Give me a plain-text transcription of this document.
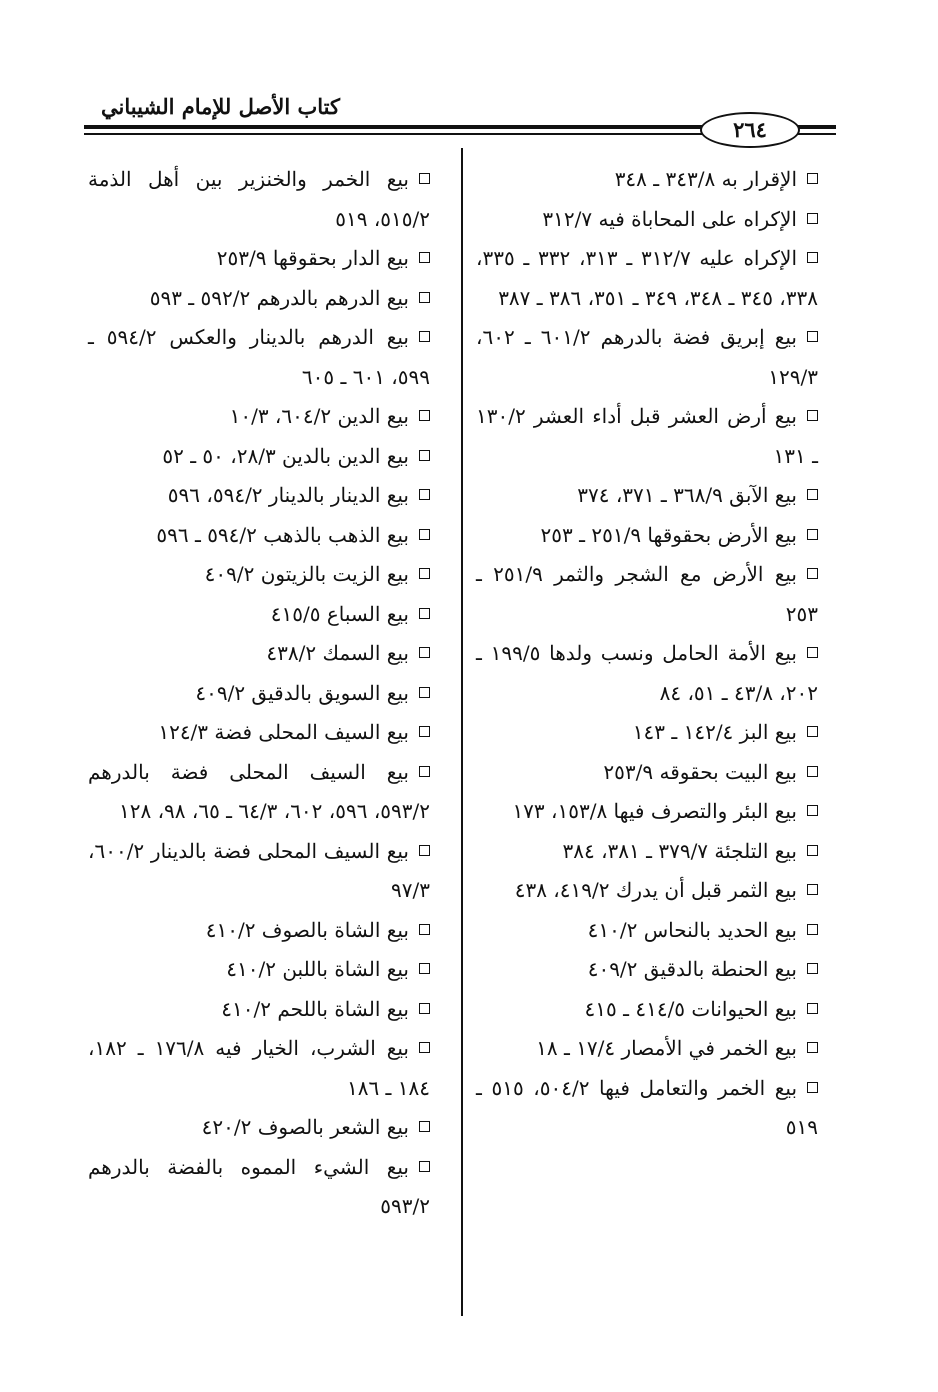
كتاب الأصل للإمام الشيباني
٢٦٤
الإقرار به ٣٤٣/٨ ـ ٣٤٨
الإكراه على المحاباة فيه ٣١٢/٧
الإكراه عليه ٣١٢/٧ ـ ٣١٣، ٣٣٢ ـ ٣٣٥، ٣٣٨، ٣٤٥ ـ ٣٤٨، ٣٤٩ ـ ٣٥١، ٣٨٦ ـ ٣٨٧
بيع إبريق فضة بالدرهم ٦٠١/٢ ـ ٦٠٢، ١٢٩/٣
بيع أرض العشر قبل أداء العشر ١٣٠/٢ ـ ١٣١
بيع الآبق ٣٦٨/٩ ـ ٣٧١، ٣٧٤
بيع الأرض بحقوقها ٢٥١/٩ ـ ٢٥٣
بيع الأرض مع الشجر والثمر ٢٥١/٩ ـ ٢٥٣
بيع الأمة الحامل ونسب ولدها ١٩٩/٥ ـ ٢٠٢، ٤٣/٨ ـ ٥١، ٨٤
بيع البز ١٤٢/٤ ـ ١٤٣
بيع البيت بحقوقه ٢٥٣/٩
بيع البئر والتصرف فيها ١٥٣/٨، ١٧٣
بيع التلجئة ٣٧٩/٧ ـ ٣٨١، ٣٨٤
بيع الثمر قبل أن يدرك ٤١٩/٢، ٤٣٨
بيع الحديد بالنحاس ٤١٠/٢
بيع الحنطة بالدقيق ٤٠٩/٢
بيع الحيوانات ٤١٤/٥ ـ ٤١٥
بيع الخمر في الأمصار ١٧/٤ ـ ١٨
بيع الخمر والتعامل فيها ٥٠٤/٢، ٥١٥ ـ ٥١٩
بيع الخمر والخنزير بين أهل الذمة ٥١٥/٢، ٥١٩
بيع الدار بحقوقها ٢٥٣/٩
بيع الدرهم بالدرهم ٥٩٢/٢ ـ ٥٩٣
بيع الدرهم بالدينار والعكس ٥٩٤/٢ ـ ٥٩٩، ٦٠١ ـ ٦٠٥
بيع الدين ٦٠٤/٢، ١٠/٣
بيع الدين بالدين ٢٨/٣، ٥٠ ـ ٥٢
بيع الدينار بالدينار ٥٩٤/٢، ٥٩٦
بيع الذهب بالذهب ٥٩٤/٢ ـ ٥٩٦
بيع الزيت بالزيتون ٤٠٩/٢
بيع السباع ٤١٥/٥
بيع السمك ٤٣٨/٢
بيع السويق بالدقيق ٤٠٩/٢
بيع السيف المحلى فضة ١٢٤/٣
بيع السيف المحلى فضة بالدرهم ٥٩٣/٢، ٥٩٦، ٦٠٢، ٦٤/٣ ـ ٦٥، ٩٨، ١٢٨
بيع السيف المحلى فضة بالدينار ٦٠٠/٢، ٩٧/٣
بيع الشاة بالصوف ٤١٠/٢
بيع الشاة باللبن ٤١٠/٢
بيع الشاة باللحم ٤١٠/٢
بيع الشرب، الخيار فيه ١٧٦/٨ ـ ١٨٢، ١٨٤ ـ ١٨٦
بيع الشعر بالصوف ٤٢٠/٢
بيع الشيء المموه بالفضة بالدرهم ٥٩٣/٢
